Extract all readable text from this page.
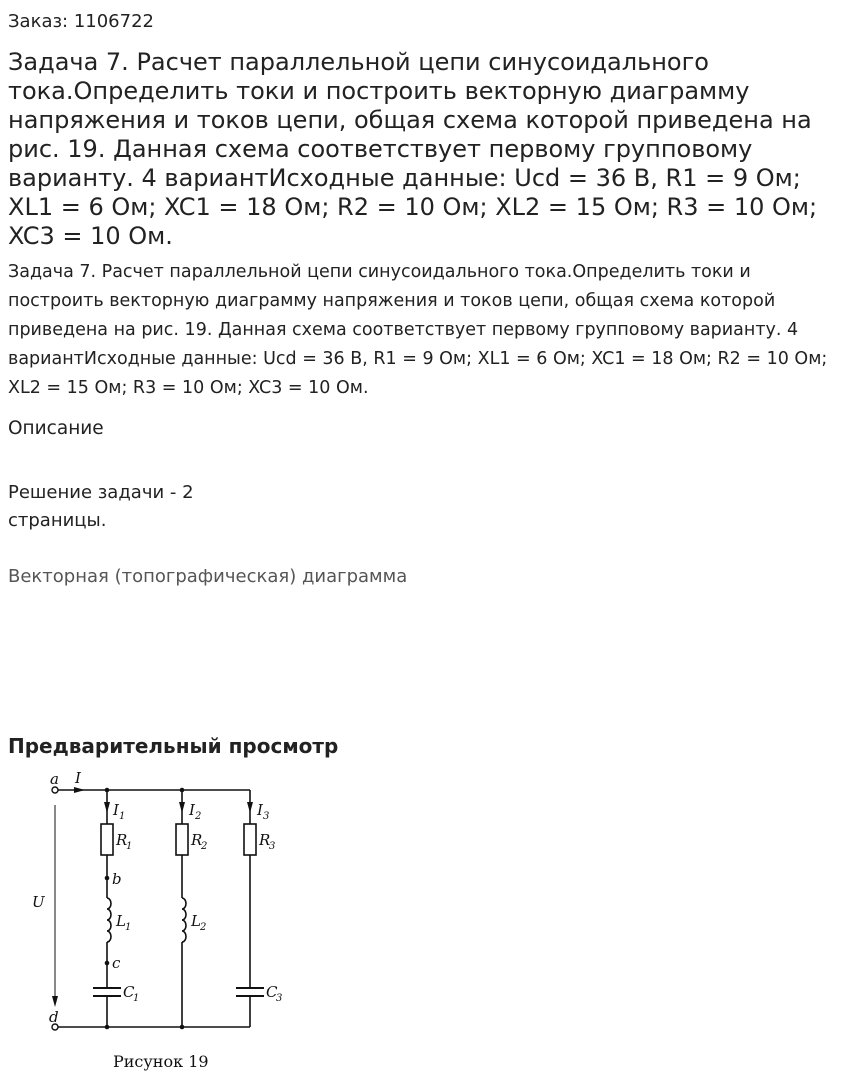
Заказ: 1106722
Задача 7. Расчет параллельной цепи синусоидального тока.Определить токи и построить векторную диаграмму напряжения и токов цепи, общая схема которой приведена на рис. 19. Данная схема соответствует первому групповому варианту. 4 вариантИсходные данные: Ucd = 36 В, R1 = 9 Ом; XL1 = 6 Ом; XC1 = 18 Ом; R2 = 10 Ом; XL2 = 15 Ом; R3 = 10 Ом; XC3 = 10 Ом.

Задача 7. Расчет параллельной цепи синусоидального тока.Определить токи и построить векторную диаграмму напряжения и токов цепи, общая схема которой приведена на рис. 19. Данная схема соответствует первому групповому варианту. 4 вариантИсходные данные: Ucd = 36 В, R1 = 9 Ом; XL1 = 6 Ом; XC1 = 18 Ом; R2 = 10 Ом; XL2 = 15 Ом; R3 = 10 Ом; XC3 = 10 Ом.

Описание
Решение задачи - 2 страницы.
Векторная (топографическая) диаграмма
Предварительный просмотр
a
d
b
c
I
U
I 1	I 2	I 3
R
1	R
2	R
3
L 1	L 2
C
1	C
3
Рисунок 19
